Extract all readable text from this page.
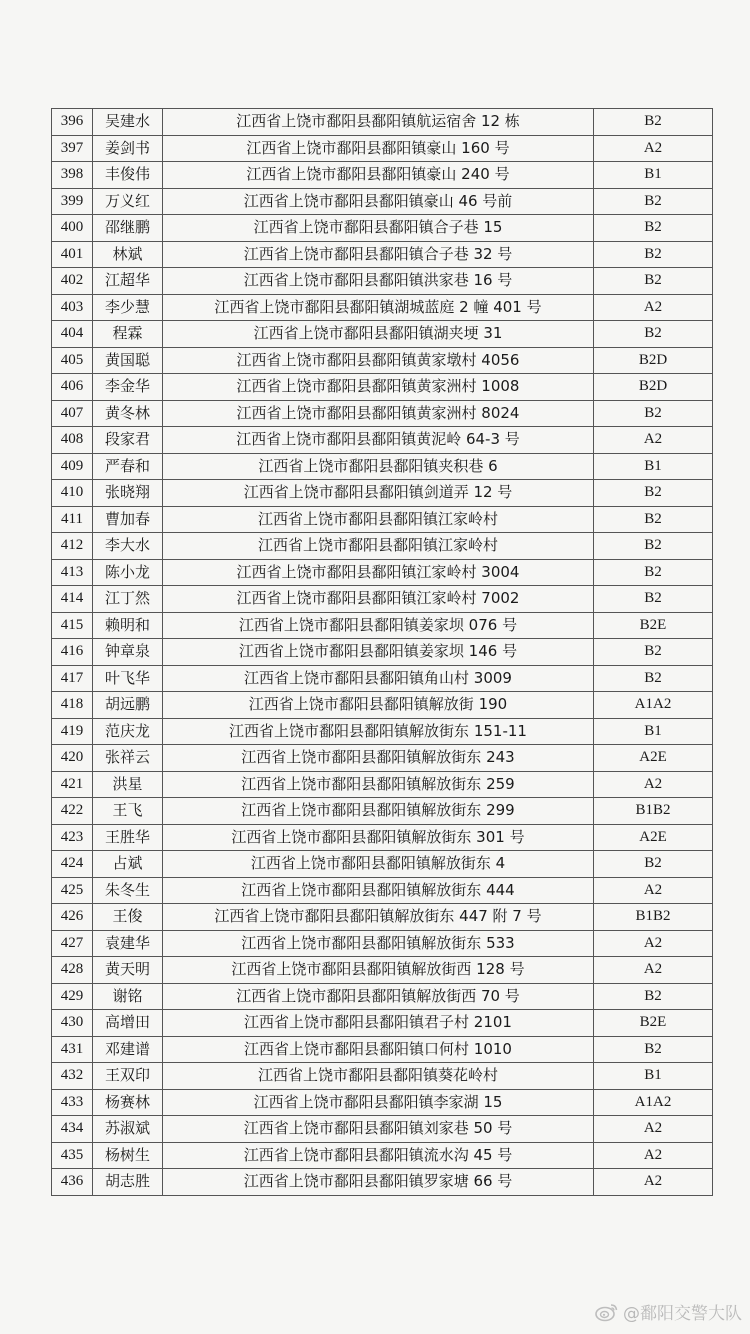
396	吴建水	江西省上饶市鄱阳县鄱阳镇航运宿舍 12 栋	B2
397	姜剑书	江西省上饶市鄱阳县鄱阳镇豪山 160 号	A2
398	丰俊伟	江西省上饶市鄱阳县鄱阳镇豪山 240 号	B1
399	万义红	江西省上饶市鄱阳县鄱阳镇豪山 46 号前	B2
400	邵继鹏	江西省上饶市鄱阳县鄱阳镇合子巷 15	B2
401	林斌	江西省上饶市鄱阳县鄱阳镇合子巷 32 号	B2
402	江超华	江西省上饶市鄱阳县鄱阳镇洪家巷 16 号	B2
403	李少慧	江西省上饶市鄱阳县鄱阳镇湖城蓝庭 2 幢 401 号	A2
404	程霖	江西省上饶市鄱阳县鄱阳镇湖夹埂 31	B2
405	黄国聪	江西省上饶市鄱阳县鄱阳镇黄家墩村 4056	B2D
406	李金华	江西省上饶市鄱阳县鄱阳镇黄家洲村 1008	B2D
407	黄冬林	江西省上饶市鄱阳县鄱阳镇黄家洲村 8024	B2
408	段家君	江西省上饶市鄱阳县鄱阳镇黄泥岭 64-3 号	A2
409	严春和	江西省上饶市鄱阳县鄱阳镇夹积巷 6	B1
410	张晓翔	江西省上饶市鄱阳县鄱阳镇剑道弄 12 号	B2
411	曹加春	江西省上饶市鄱阳县鄱阳镇江家岭村	B2
412	李大水	江西省上饶市鄱阳县鄱阳镇江家岭村	B2
413	陈小龙	江西省上饶市鄱阳县鄱阳镇江家岭村 3004	B2
414	江丁然	江西省上饶市鄱阳县鄱阳镇江家岭村 7002	B2
415	赖明和	江西省上饶市鄱阳县鄱阳镇姜家坝 076 号	B2E
416	钟章泉	江西省上饶市鄱阳县鄱阳镇姜家坝 146 号	B2
417	叶飞华	江西省上饶市鄱阳县鄱阳镇角山村 3009	B2
418	胡远鹏	江西省上饶市鄱阳县鄱阳镇解放街 190	A1A2
419	范庆龙	江西省上饶市鄱阳县鄱阳镇解放街东 151-11	B1
420	张祥云	江西省上饶市鄱阳县鄱阳镇解放街东 243	A2E
421	洪星	江西省上饶市鄱阳县鄱阳镇解放街东 259	A2
422	王飞	江西省上饶市鄱阳县鄱阳镇解放街东 299	B1B2
423	王胜华	江西省上饶市鄱阳县鄱阳镇解放街东 301 号	A2E
424	占斌	江西省上饶市鄱阳县鄱阳镇解放街东 4	B2
425	朱冬生	江西省上饶市鄱阳县鄱阳镇解放街东 444	A2
426	王俊	江西省上饶市鄱阳县鄱阳镇解放街东 447 附 7 号	B1B2
427	袁建华	江西省上饶市鄱阳县鄱阳镇解放街东 533	A2
428	黄天明	江西省上饶市鄱阳县鄱阳镇解放街西 128 号	A2
429	谢铭	江西省上饶市鄱阳县鄱阳镇解放街西 70 号	B2
430	高增田	江西省上饶市鄱阳县鄱阳镇君子村 2101	B2E
431	邓建谱	江西省上饶市鄱阳县鄱阳镇口何村 1010	B2
432	王双印	江西省上饶市鄱阳县鄱阳镇葵花岭村	B1
433	杨赛林	江西省上饶市鄱阳县鄱阳镇李家湖 15	A1A2
434	苏淑斌	江西省上饶市鄱阳县鄱阳镇刘家巷 50 号	A2
435	杨树生	江西省上饶市鄱阳县鄱阳镇流水沟 45 号	A2
436	胡志胜	江西省上饶市鄱阳县鄱阳镇罗家塘 66 号	A2
@鄱阳交警大队
